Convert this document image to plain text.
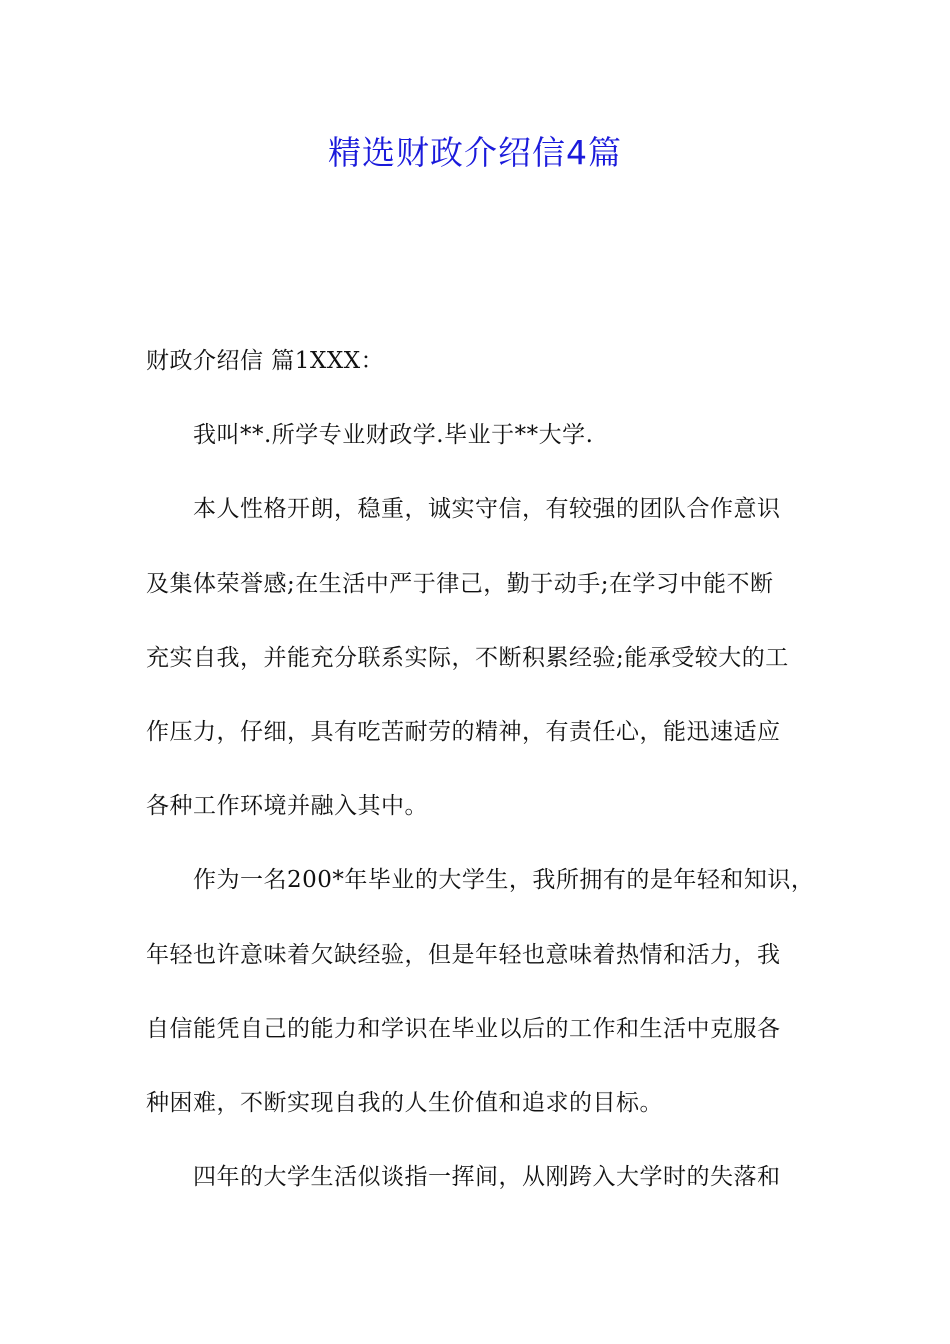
精选财政介绍信4篇

财政介绍信 篇1XXX：

我叫**.所学专业财政学.毕业于**大学.

本人性格开朗，稳重，诚实守信，有较强的团队合作意识

及集体荣誉感;在生活中严于律己，勤于动手;在学习中能不断

充实自我，并能充分联系实际，不断积累经验;能承受较大的工

作压力，仔细，具有吃苦耐劳的精神，有责任心，能迅速适应

各种工作环境并融入其中。

作为一名200*年毕业的大学生，我所拥有的是年轻和知识，

年轻也许意味着欠缺经验，但是年轻也意味着热情和活力，我

自信能凭自己的能力和学识在毕业以后的工作和生活中克服各

种困难，不断实现自我的人生价值和追求的目标。

四年的大学生活似谈指一挥间，从刚跨入大学时的失落和
